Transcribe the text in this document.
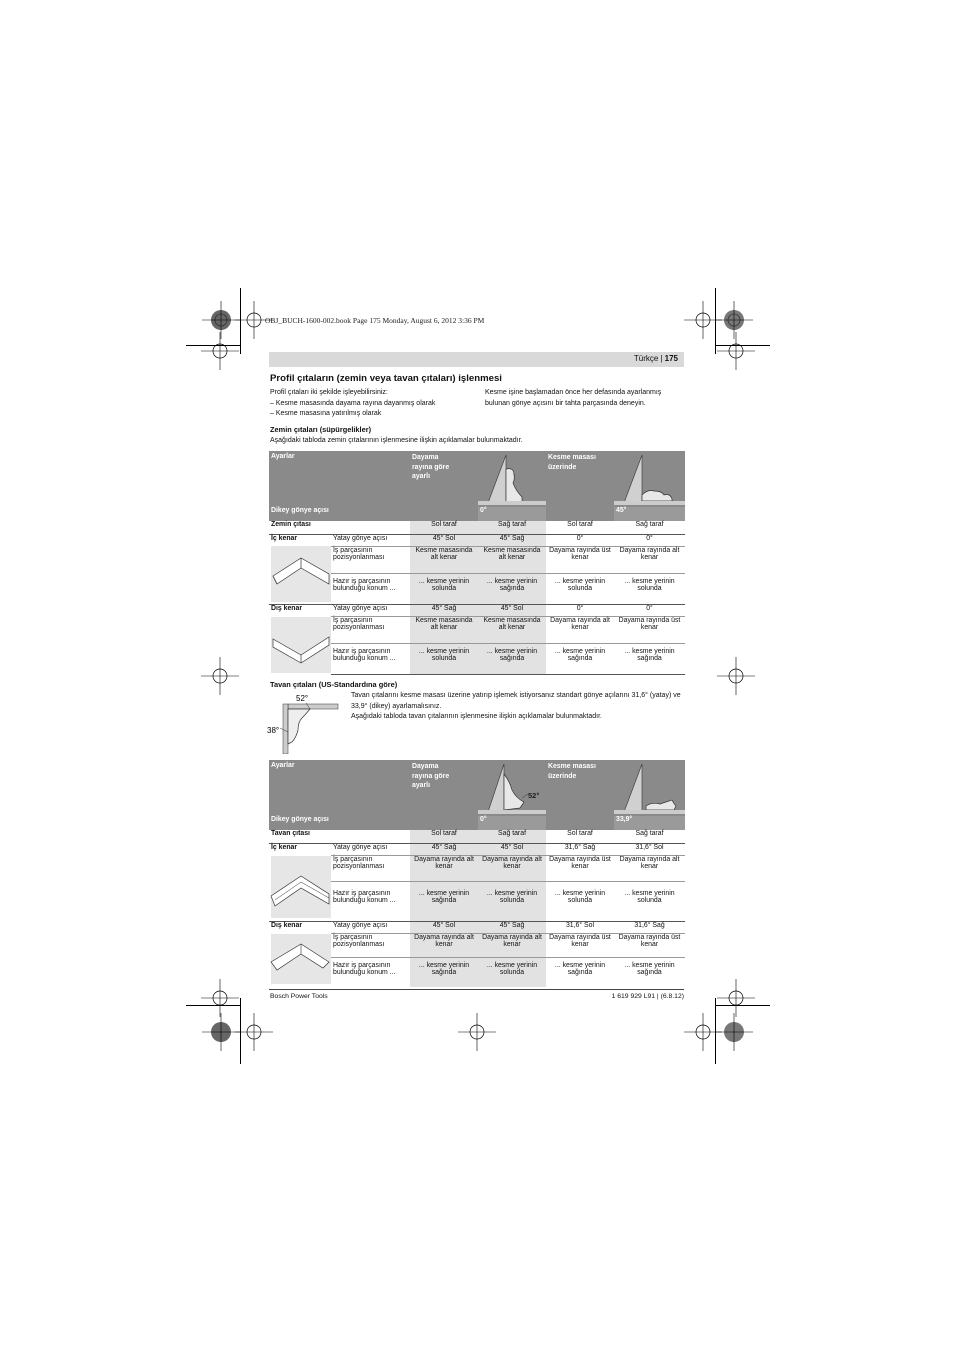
OBJ_BUCH-1600-002.book Page 175 Monday, August 6, 2012 3:36 PM
Türkçe | 175
Profil çıtaların (zemin veya tavan çıtaları) işlenmesi
Profil çıtaları iki şekilde işleyebilirsiniz:
– Kesme masasında dayama rayına dayanmış olarak
– Kesme masasına yatırılmış olarak
Kesme işine başlamadan önce her defasında ayarlanmış bulunan gönye açısını bir tahta parçasında deneyin.
Zemin çıtaları (süpürgelikler)
Aşağıdaki tabloda zemin çıtalarının işlenmesine ilişkin açıklamalar bulunmaktadır.
Ayarlar		Dayama rayına göre ayarlı		Kesme masası üzerinde	
Dikey gönye açısı			0°		45°
Zemin çıtası		Sol taraf	Sağ taraf	Sol taraf	Sağ taraf
İç kenar	Yatay gönye açısı	45° Sol	45° Sağ	0°	0°
	İş parçasının pozisyonlanması	Kesme masasında alt kenar	Kesme masasında alt kenar	Dayama rayında üst kenar	Dayama rayında alt kenar
	Hazır iş parçasının bulunduğu konum ...	... kesme yerinin solunda	... kesme yerinin sağında	... kesme yerinin solunda	... kesme yerinin solunda
Dış kenar	Yatay gönye açısı	45° Sağ	45° Sol	0°	0°
	İş parçasının pozisyonlanması	Kesme masasında alt kenar	Kesme masasında alt kenar	Dayama rayında alt kenar	Dayama rayında üst kenar
	Hazır iş parçasının bulunduğu konum ...	... kesme yerinin solunda	... kesme yerinin sağında	... kesme yerinin sağında	... kesme yerinin sağında
Tavan çıtaları (US-Standardına göre)
52°
38°
Tavan çıtalarını kesme masası üzerine yatırıp işlemek istiyorsanız standart gönye açılarını 31,6° (yatay) ve 33,9° (dikey) ayarlamalısınız.
Aşağıdaki tabloda tavan çıtalarının işlenmesine ilişkin açıklamalar bulunmaktadır.
Ayarlar		Dayama rayına göre ayarlı	52°	Kesme masası üzerinde	
Dikey gönye açısı			0°		33,9°
Tavan çıtası		Sol taraf	Sağ taraf	Sol taraf	Sağ taraf
İç kenar	Yatay gönye açısı	45° Sağ	45° Sol	31,6° Sağ	31,6° Sol
	İş parçasının pozisyonlanması	Dayama rayında alt kenar	Dayama rayında alt kenar	Dayama rayında üst kenar	Dayama rayında alt kenar
	Hazır iş parçasının bulunduğu konum ...	... kesme yerinin sağında	... kesme yerinin solunda	... kesme yerinin solunda	... kesme yerinin solunda
Dış kenar	Yatay gönye açısı	45° Sol	45° Sağ	31,6° Sol	31,6° Sağ
	İş parçasının pozisyonlanması	Dayama rayında alt kenar	Dayama rayında alt kenar	Dayama rayında üst kenar	Dayama rayında üst kenar
	Hazır iş parçasının bulunduğu konum ...	... kesme yerinin sağında	... kesme yerinin solunda	... kesme yerinin sağında	... kesme yerinin sağında
Bosch Power Tools	1 619 929 L91 | (6.8.12)
